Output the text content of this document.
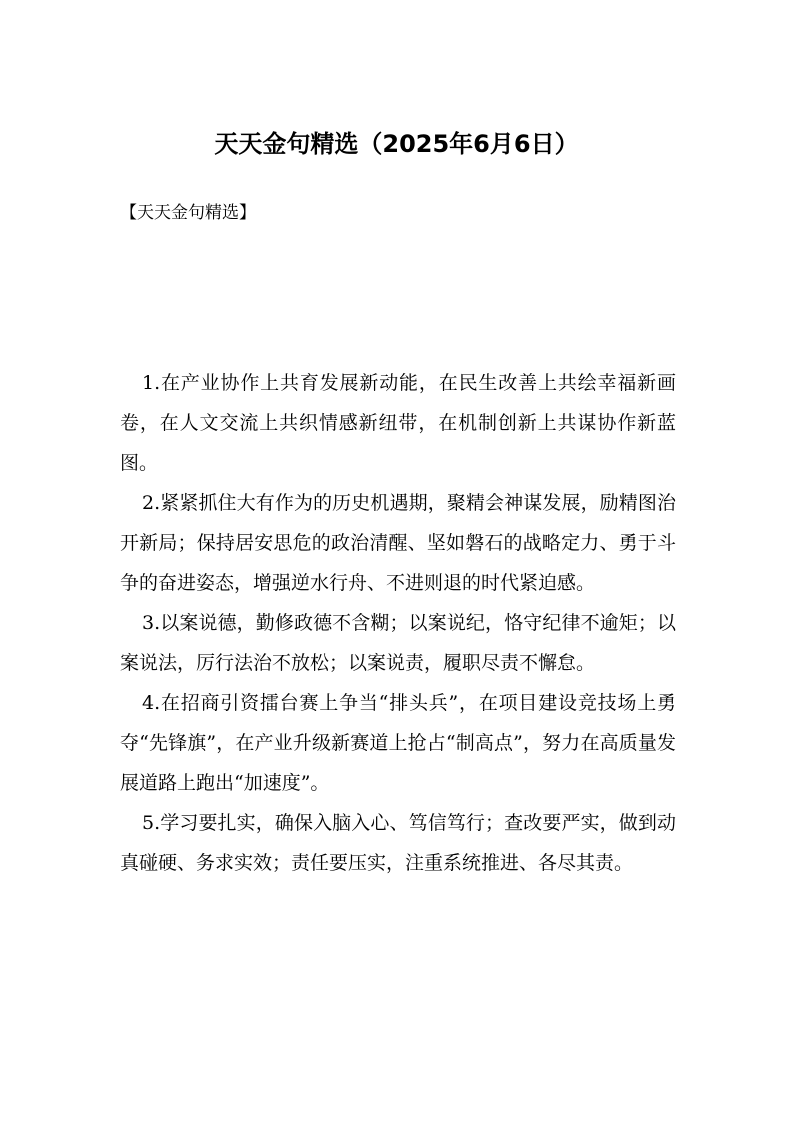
天天金句精选（2025年6月6日）
【天天金句精选】

1.在产业协作上共育发展新动能，在民生改善上共绘幸福新画卷，在人文交流上共织情感新纽带，在机制创新上共谋协作新蓝图。

2.紧紧抓住大有作为的历史机遇期，聚精会神谋发展，励精图治开新局；保持居安思危的政治清醒、坚如磐石的战略定力、勇于斗争的奋进姿态，增强逆水行舟、不进则退的时代紧迫感。

3.以案说德，勤修政德不含糊；以案说纪，恪守纪律不逾矩；以案说法，厉行法治不放松；以案说责，履职尽责不懈怠。

4.在招商引资擂台赛上争当“排头兵”，在项目建设竞技场上勇夺“先锋旗”，在产业升级新赛道上抢占“制高点”，努力在高质量发展道路上跑出“加速度”。

5.学习要扎实，确保入脑入心、笃信笃行；查改要严实，做到动真碰硬、务求实效；责任要压实，注重系统推进、各尽其责。
